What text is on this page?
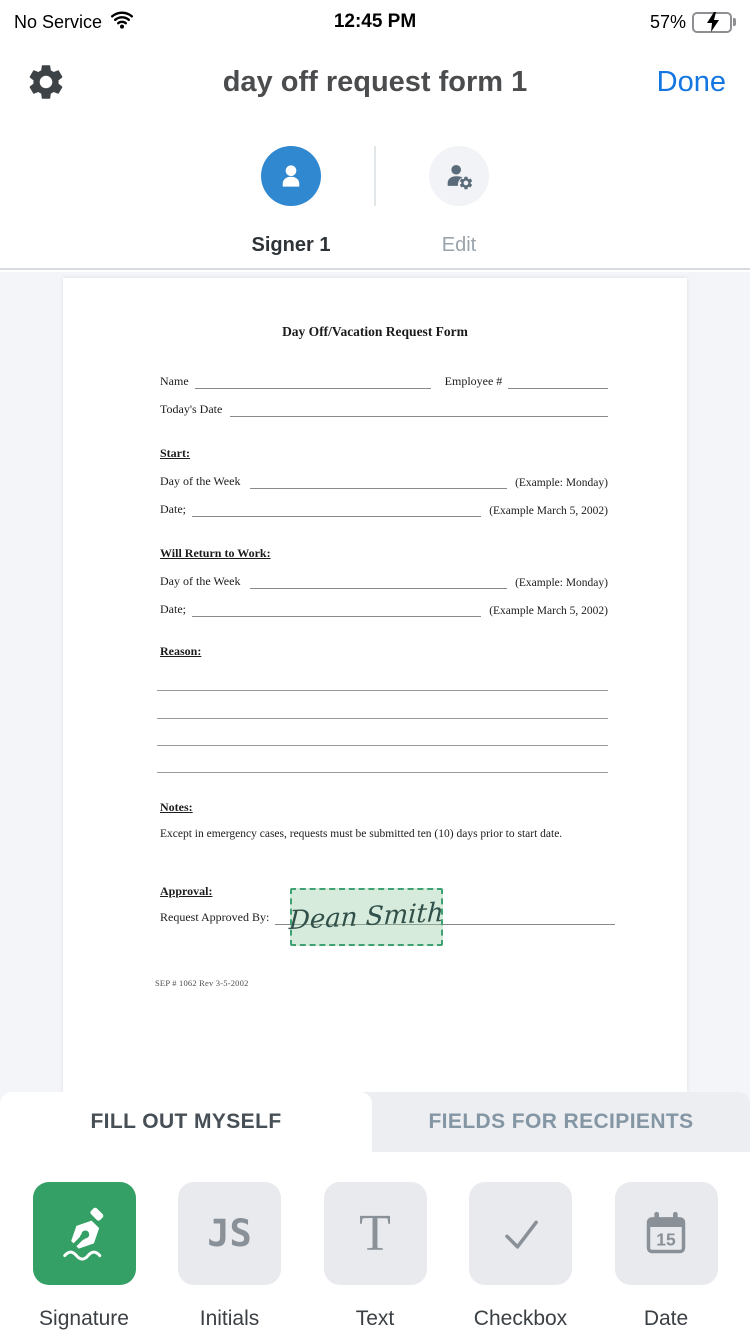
No Service	12:45 PM	57%
day off request form 1	Done
Signer 1	Edit
Day Off/Vacation Request Form
Name	Employee #
Today's Date
Start:
Day of the Week	(Example: Monday)
Date;	(Example March 5, 2002)
Will Return to Work:
Day of the Week	(Example: Monday)
Date;	(Example March 5, 2002)
Reason:
Notes:
Except in emergency cases, requests must be submitted ten (10) days prior to start date.
Approval:
Request Approved By: Dean Smith
SEP # 1062 Rev 3-5-2002
FIELDS FOR RECIPIENTS
FILL OUT MYSELF
Signature
JS
Initials
T
Text	Checkbox
15
Date
